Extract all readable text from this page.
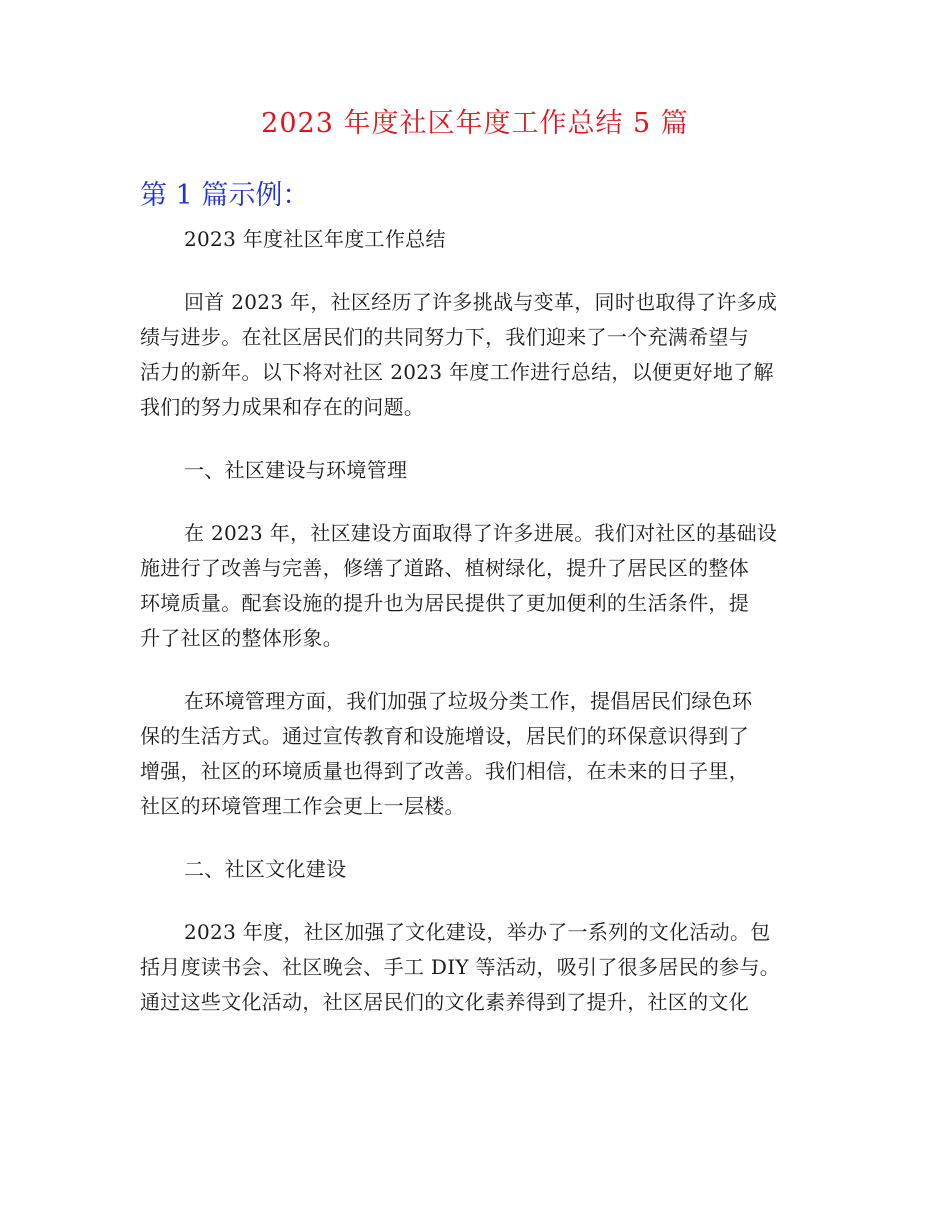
2023 年度社区年度工作总结 5 篇
第 1 篇示例：

2023 年度社区年度工作总结

回首 2023 年，社区经历了许多挑战与变革，同时也取得了许多成
绩与进步。在社区居民们的共同努力下，我们迎来了一个充满希望与
活力的新年。以下将对社区 2023 年度工作进行总结，以便更好地了解
我们的努力成果和存在的问题。

一、社区建设与环境管理

在 2023 年，社区建设方面取得了许多进展。我们对社区的基础设
施进行了改善与完善，修缮了道路、植树绿化，提升了居民区的整体
环境质量。配套设施的提升也为居民提供了更加便利的生活条件，提
升了社区的整体形象。

在环境管理方面，我们加强了垃圾分类工作，提倡居民们绿色环
保的生活方式。通过宣传教育和设施增设，居民们的环保意识得到了
增强，社区的环境质量也得到了改善。我们相信，在未来的日子里，
社区的环境管理工作会更上一层楼。

二、社区文化建设

2023 年度，社区加强了文化建设，举办了一系列的文化活动。包
括月度读书会、社区晚会、手工 DIY 等活动，吸引了很多居民的参与。
通过这些文化活动，社区居民们的文化素养得到了提升，社区的文化
